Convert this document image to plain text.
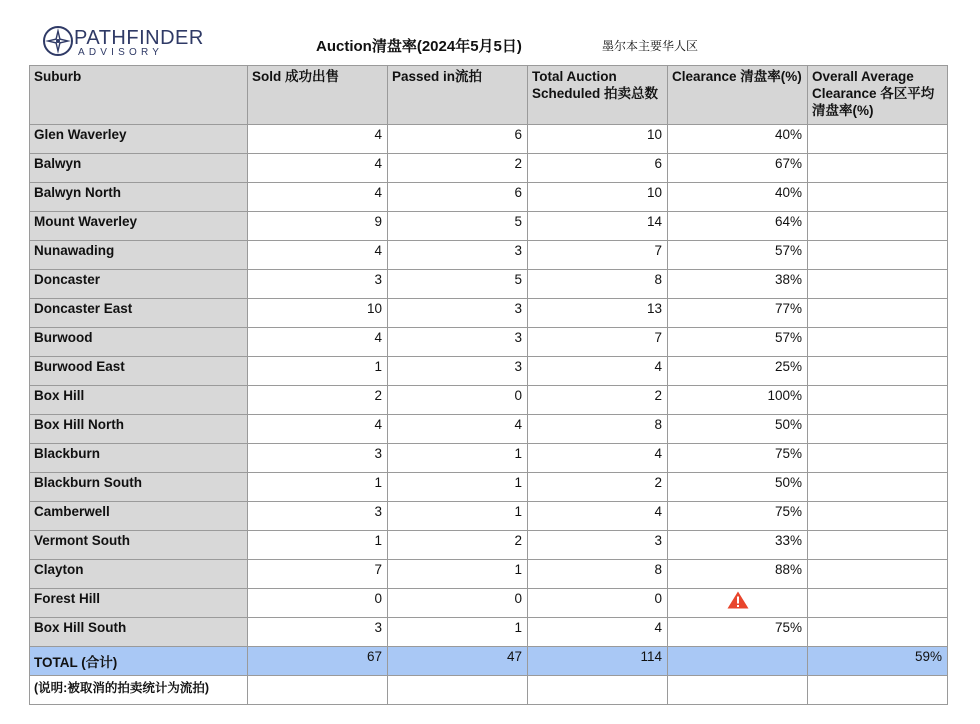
PATHFINDER
ADVISORY	Auction清盘率(2024年5月5日)	墨尔本主要华人区
Suburb	Sold 成功出售	Passed in流拍	Total Auction Scheduled 拍卖总数	Clearance 清盘率(%)	Overall Average Clearance 各区平均清盘率(%)
Glen Waverley	4	6	10	40%	
Balwyn	4	2	6	67%	
Balwyn North	4	6	10	40%	
Mount Waverley	9	5	14	64%	
Nunawading	4	3	7	57%	
Doncaster	3	5	8	38%	
Doncaster East	10	3	13	77%	
Burwood	4	3	7	57%	
Burwood East	1	3	4	25%	
Box Hill	2	0	2	100%	
Box Hill North	4	4	8	50%	
Blackburn	3	1	4	75%	
Blackburn South	1	1	2	50%	
Camberwell	3	1	4	75%	
Vermont South	1	2	3	33%	
Clayton	7	1	8	88%	
Forest Hill	0	0	0	

Box Hill South	3	1	4	75%	
TOTAL (合计)	67	47	114		59%
(说明:被取消的拍卖统计为流拍)					
